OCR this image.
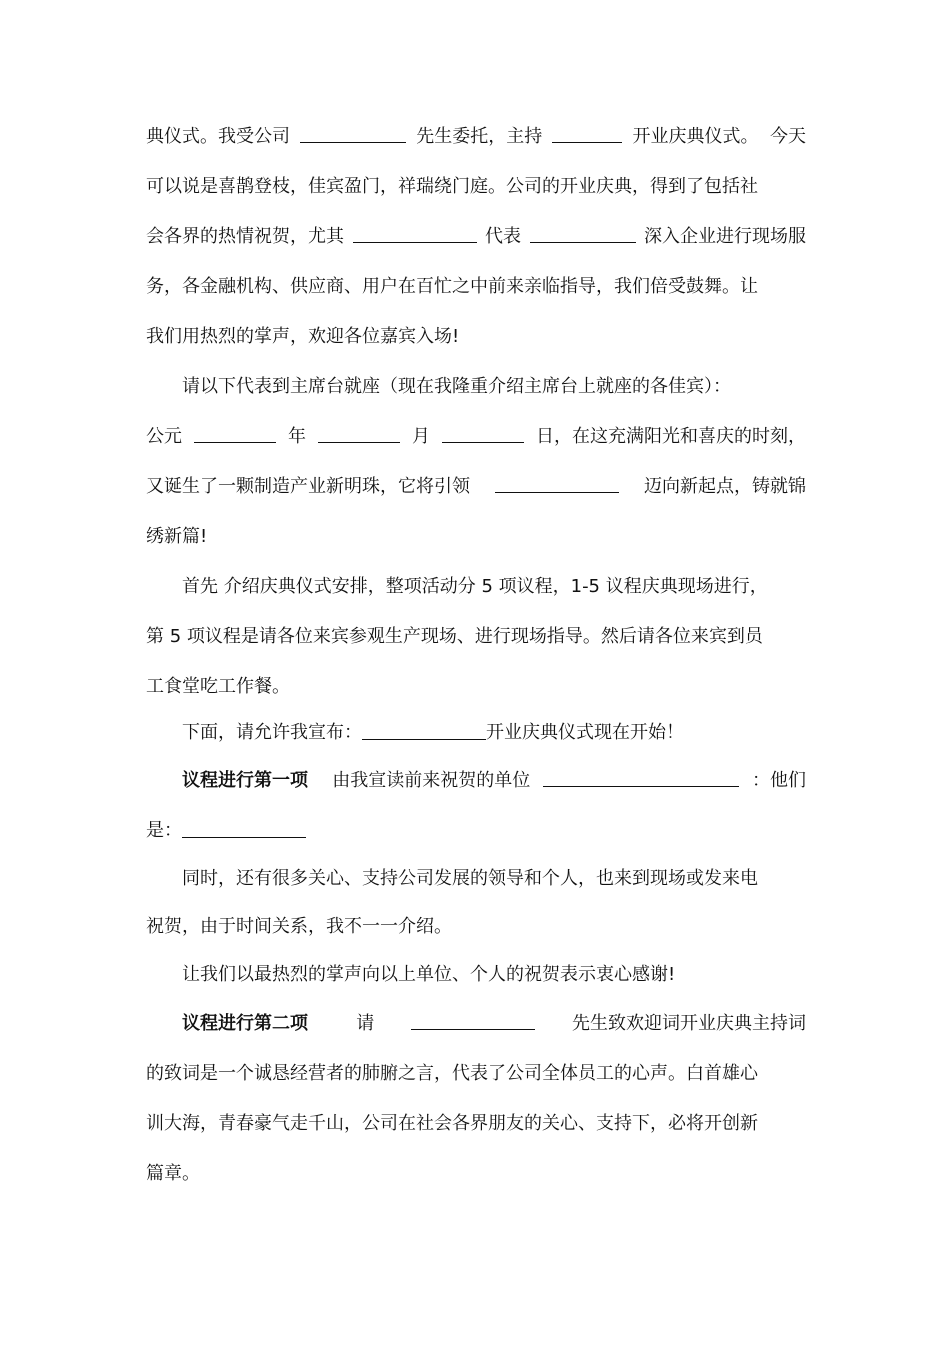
典仪式。我受公司	先生委托，主持	开业庆典仪式。  今天
可以说是喜鹊登枝，佳宾盈门，祥瑞绕门庭。公司的开业庆典，得到了包括社
会各界的热情祝贺，尤其	代表	深入企业进行现场服
务，各金融机构、供应商、用户在百忙之中前来亲临指导，我们倍受鼓舞。让
我们用热烈的掌声，欢迎各位嘉宾入场!
请以下代表到主席台就座（现在我隆重介绍主席台上就座的各佳宾）：
公元	年	月	日，在这充满阳光和喜庆的时刻，
又诞生了一颗制造产业新明珠，它将引领	迈向新起点，铸就锦
绣新篇!
首先 介绍庆典仪式安排，整项活动分 5 项议程，1-5 议程庆典现场进行，
第 5 项议程是请各位来宾参观生产现场、进行现场指导。然后请各位来宾到员
工食堂吃工作餐。
下面，请允许我宣布：	开业庆典仪式现在开始！
议程进行第一项 由我宣读前来祝贺的单位	：他们
是：
同时，还有很多关心、支持公司发展的领导和个人，也来到现场或发来电
祝贺，由于时间关系，我不一一介绍。
让我们以最热烈的掌声向以上单位、个人的祝贺表示衷心感谢!
议程进行第二项 请	先生致欢迎词开业庆典主持词
的致词是一个诚恳经营者的肺腑之言，代表了公司全体员工的心声。白首雄心
训大海，青春豪气走千山，公司在社会各界朋友的关心、支持下，必将开创新
篇章。
